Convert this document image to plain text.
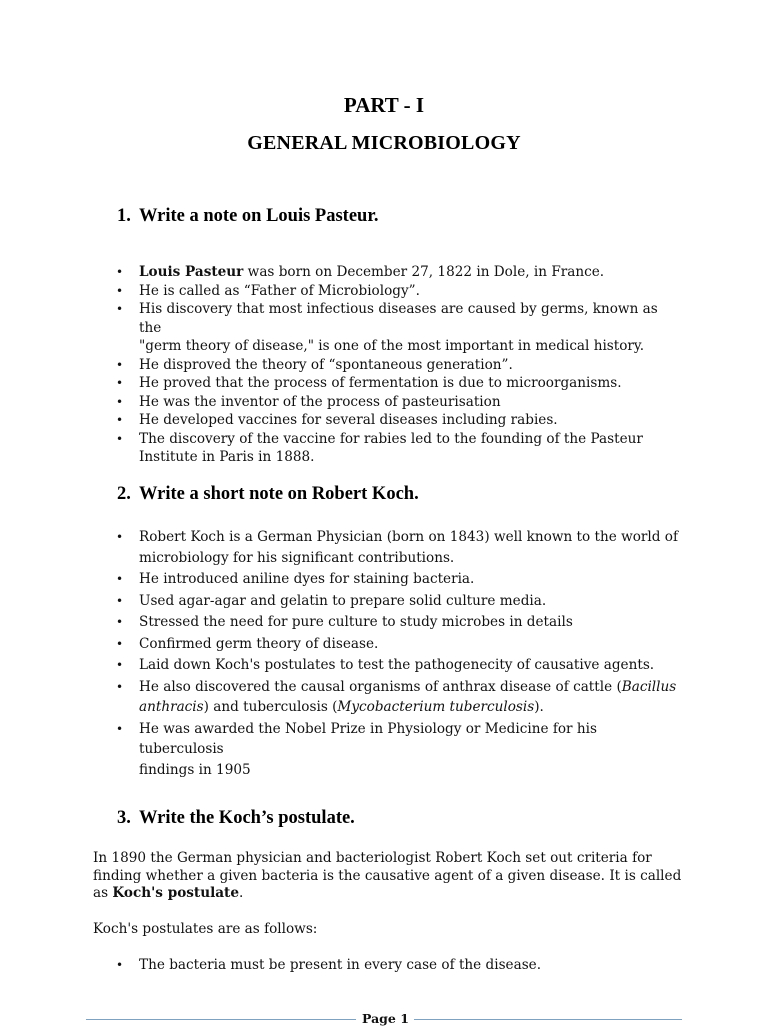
PART - I
GENERAL MICROBIOLOGY
1. Write a note on Louis Pasteur.
• Louis Pasteur was born on December 27, 1822 in Dole, in France.
• He is called as “Father of Microbiology”.
• His discovery that most infectious diseases are caused by germs, known as the
"germ theory of disease," is one of the most important in medical history.
• He disproved the theory of “spontaneous generation”.
• He proved that the process of fermentation is due to microorganisms.
• He was the inventor of the process of pasteurisation
• He developed vaccines for several diseases including rabies.
• The discovery of the vaccine for rabies led to the founding of the Pasteur
Institute in Paris in 1888.
2. Write a short note on Robert Koch.
• Robert Koch is a German Physician (born on 1843) well known to the world of
microbiology for his significant contributions.
• He introduced aniline dyes for staining bacteria.
• Used agar-agar and gelatin to prepare solid culture media.
• Stressed the need for pure culture to study microbes in details
• Confirmed germ theory of disease.
• Laid down Koch's postulates to test the pathogenecity of causative agents.
• He also discovered the causal organisms of anthrax disease of cattle (Bacillus
anthracis) and tuberculosis (Mycobacterium tuberculosis).
• He was awarded the Nobel Prize in Physiology or Medicine for his tuberculosis
findings in 1905
3. Write the Koch’s postulate.

In 1890 the German physician and bacteriologist Robert Koch set out criteria for
finding whether a given bacteria is the causative agent of a given disease. It is called
as Koch's postulate.

Koch's postulates are as follows:

• The bacteria must be present in every case of the disease.
Page 1
